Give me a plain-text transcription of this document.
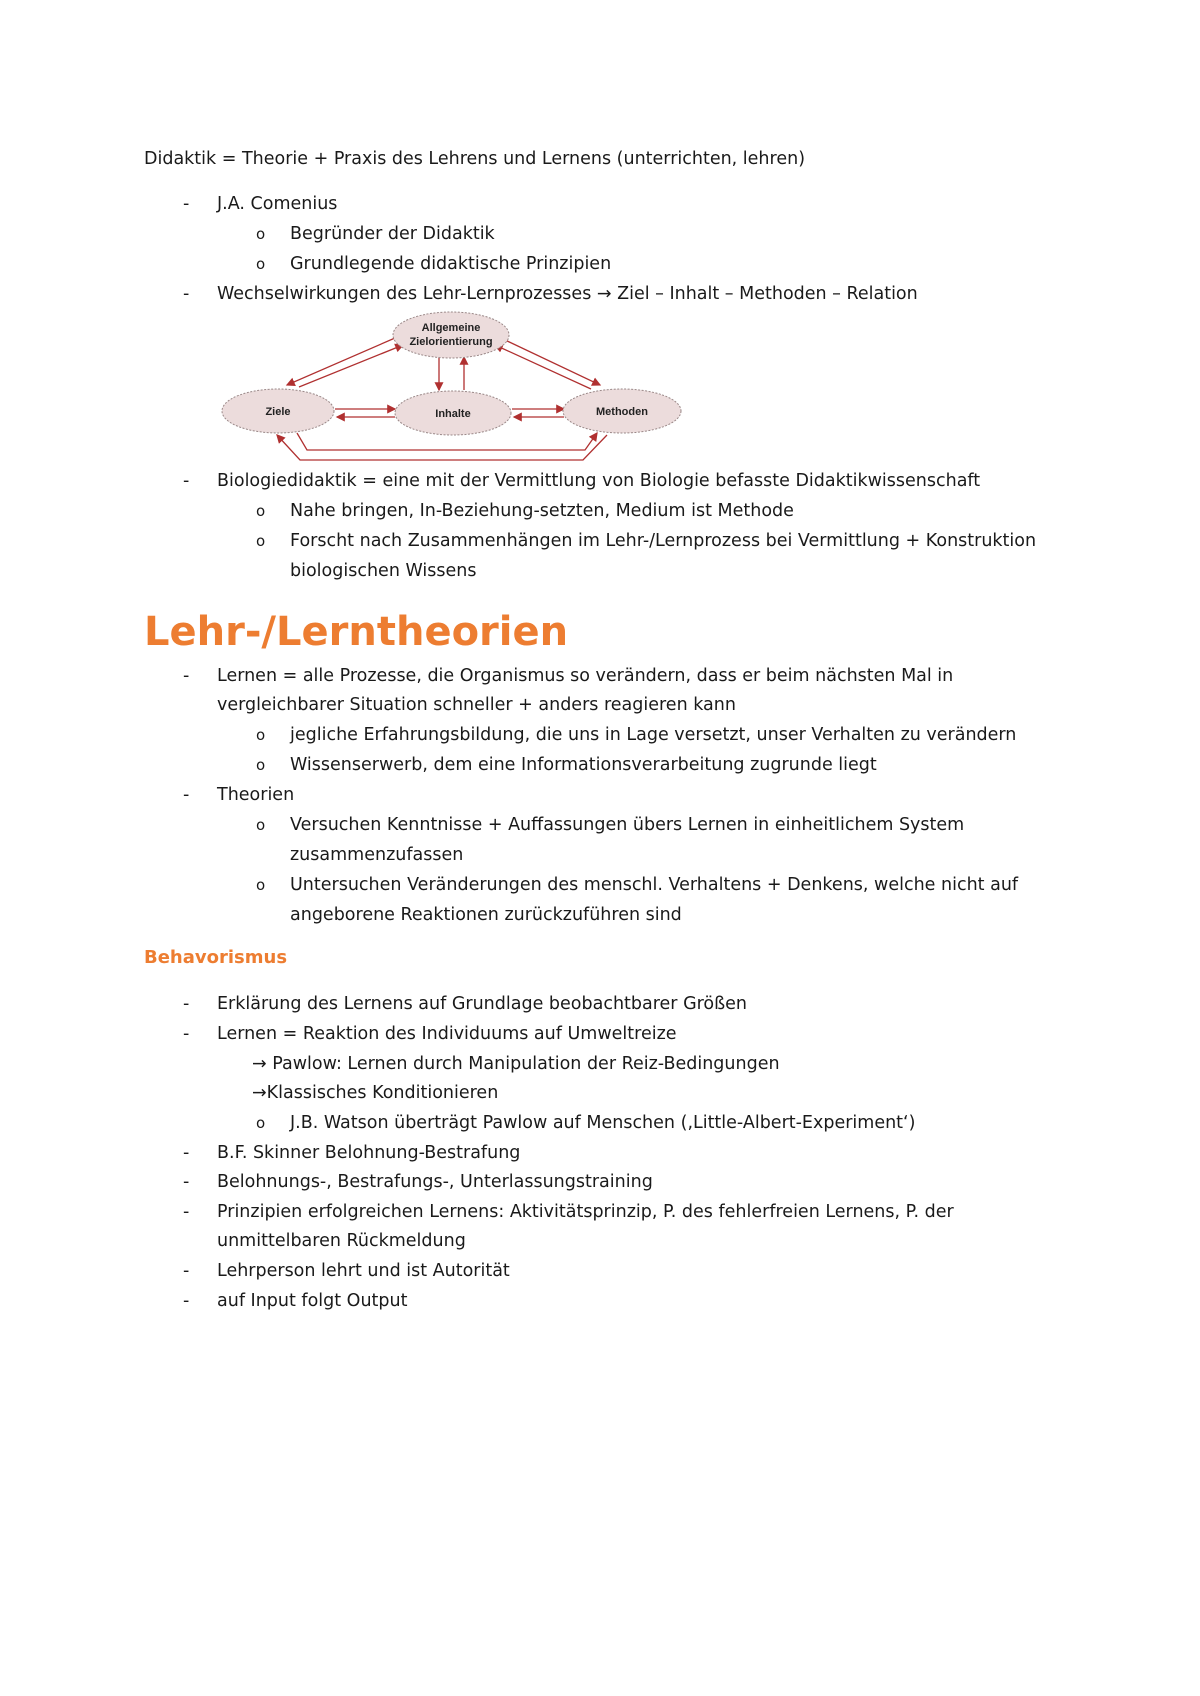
Didaktik = Theorie + Praxis des Lehrens und Lernens (unterrichten, lehren)
- J.A. Comenius
o Begründer der Didaktik
o Grundlegende didaktische Prinzipien
- Wechselwirkungen des Lehr-Lernprozesses → Ziel – Inhalt – Methoden – Relation
Allgemeine
Zielorientierung
Ziele	Inhalte	Methoden
- Biologiedidaktik = eine mit der Vermittlung von Biologie befasste Didaktikwissenschaft
o Nahe bringen, In-Beziehung-setzten, Medium ist Methode
o Forscht nach Zusammenhängen im Lehr-/Lernprozess bei Vermittlung + Konstruktion
biologischen Wissens
Lehr-/Lerntheorien
- Lernen = alle Prozesse, die Organismus so verändern, dass er beim nächsten Mal in
vergleichbarer Situation schneller + anders reagieren kann
o jegliche Erfahrungsbildung, die uns in Lage versetzt, unser Verhalten zu verändern
o Wissenserwerb, dem eine Informationsverarbeitung zugrunde liegt
- Theorien
o Versuchen Kenntnisse + Auffassungen übers Lernen in einheitlichem System
zusammenzufassen
o Untersuchen Veränderungen des menschl. Verhaltens + Denkens, welche nicht auf
angeborene Reaktionen zurückzuführen sind
Behavorismus
- Erklärung des Lernens auf Grundlage beobachtbarer Größen
- Lernen = Reaktion des Individuums auf Umweltreize
→ Pawlow: Lernen durch Manipulation der Reiz-Bedingungen
→Klassisches Konditionieren
o J.B. Watson überträgt Pawlow auf Menschen (‚Little-Albert-Experiment‘)
- B.F. Skinner Belohnung-Bestrafung
- Belohnungs-, Bestrafungs-, Unterlassungstraining
- Prinzipien erfolgreichen Lernens: Aktivitätsprinzip, P. des fehlerfreien Lernens, P. der
unmittelbaren Rückmeldung
- Lehrperson lehrt und ist Autorität
- auf Input folgt Output
